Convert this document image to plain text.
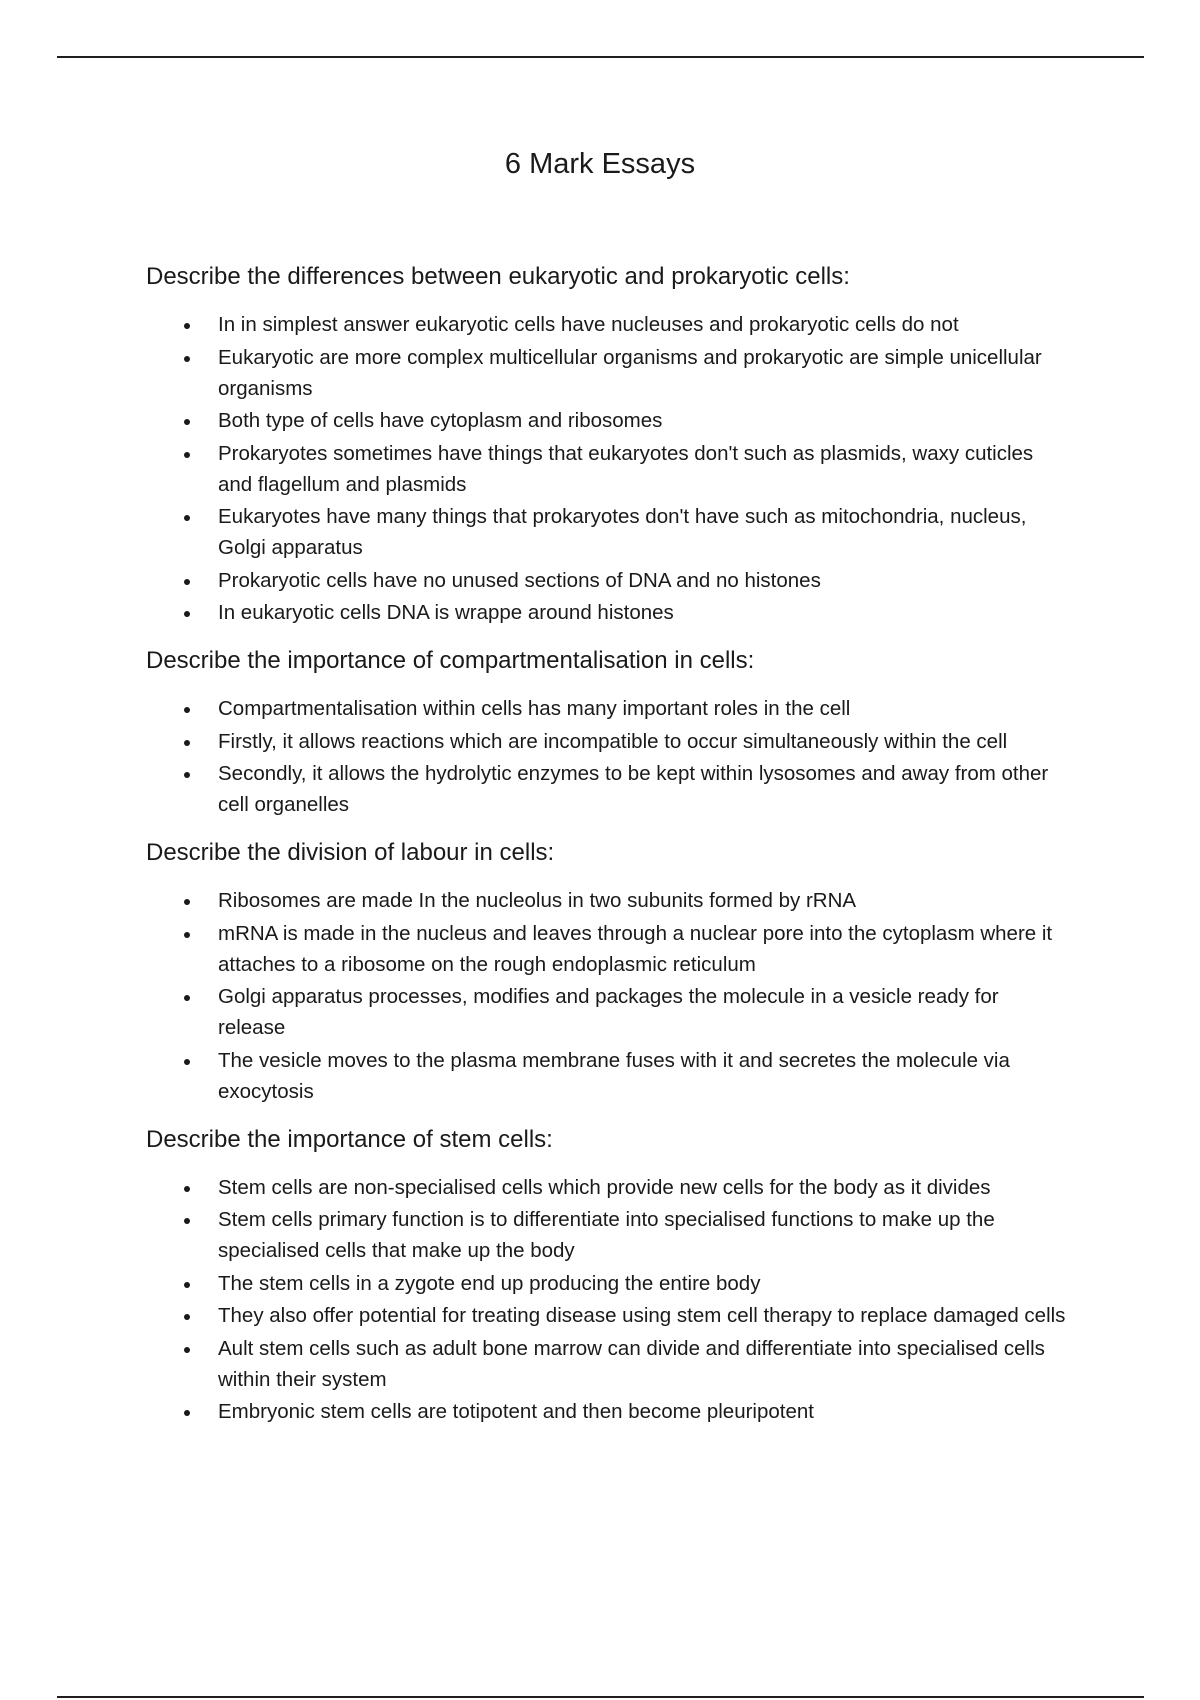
6 Mark Essays
Describe the differences between eukaryotic and prokaryotic cells:
In in simplest answer eukaryotic cells have nucleuses and prokaryotic cells do not
Eukaryotic are more complex multicellular organisms and prokaryotic are simple unicellular organisms
Both type of cells have cytoplasm and ribosomes
Prokaryotes sometimes have things that eukaryotes don't such as plasmids, waxy cuticles and flagellum and plasmids
Eukaryotes have many things that prokaryotes don't have such as mitochondria, nucleus, Golgi apparatus
Prokaryotic cells have no unused sections of DNA and no histones
In eukaryotic cells DNA is wrappe around histones
Describe the importance of compartmentalisation in cells:
Compartmentalisation within cells has many important roles in the cell
Firstly, it allows reactions which are incompatible to occur simultaneously within the cell
Secondly, it allows the hydrolytic enzymes to be kept within lysosomes and away from other cell organelles
Describe the division of labour in cells:
Ribosomes are made In the nucleolus in two subunits formed by rRNA
mRNA is made in the nucleus and leaves through a nuclear pore into the cytoplasm where it attaches to a ribosome on the rough endoplasmic reticulum
Golgi apparatus processes, modifies and packages the molecule in a vesicle ready for release
The vesicle moves to the plasma membrane fuses with it and secretes the molecule via exocytosis
Describe the importance of stem cells:
Stem cells are non-specialised cells which provide new cells for the body as it divides
Stem cells primary function is to differentiate into specialised functions to make up the specialised cells that make up the body
The stem cells in a zygote end up producing the entire body
They also offer potential for treating disease using stem cell therapy to replace damaged cells
Ault stem cells such as adult bone marrow can divide and differentiate into specialised cells within their system
Embryonic stem cells are totipotent and then become pleuripotent
